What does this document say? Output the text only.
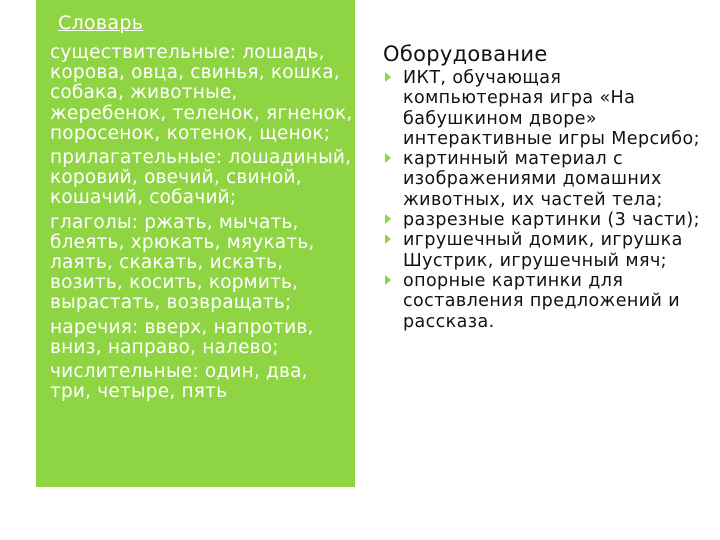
Словарь
существительные: лошадь, корова, овца, свинья, кошка, собака, животные, жеребенок, теленок, ягненок, поросенок, котенок, щенок;
прилагательные: лошадиный, коровий, овечий, свиной, кошачий, собачий;
глаголы: ржать, мычать, блеять, хрюкать, мяукать, лаять, скакать, искать, возить, косить, кормить, вырастать, возвращать;
наречия: вверх, напротив, вниз, направо, налево;
числительные: один, два, три, четыре, пять
Оборудование
ИКТ, обучающая компьютерная игра «На бабушкином дворе» интерактивные игры Мерсибо;
картинный материал с изображениями домашних животных, их частей тела;
разрезные картинки (3 части);
игрушечный домик, игрушка Шустрик, игрушечный мяч;
опорные картинки для составления предложений и рассказа.
